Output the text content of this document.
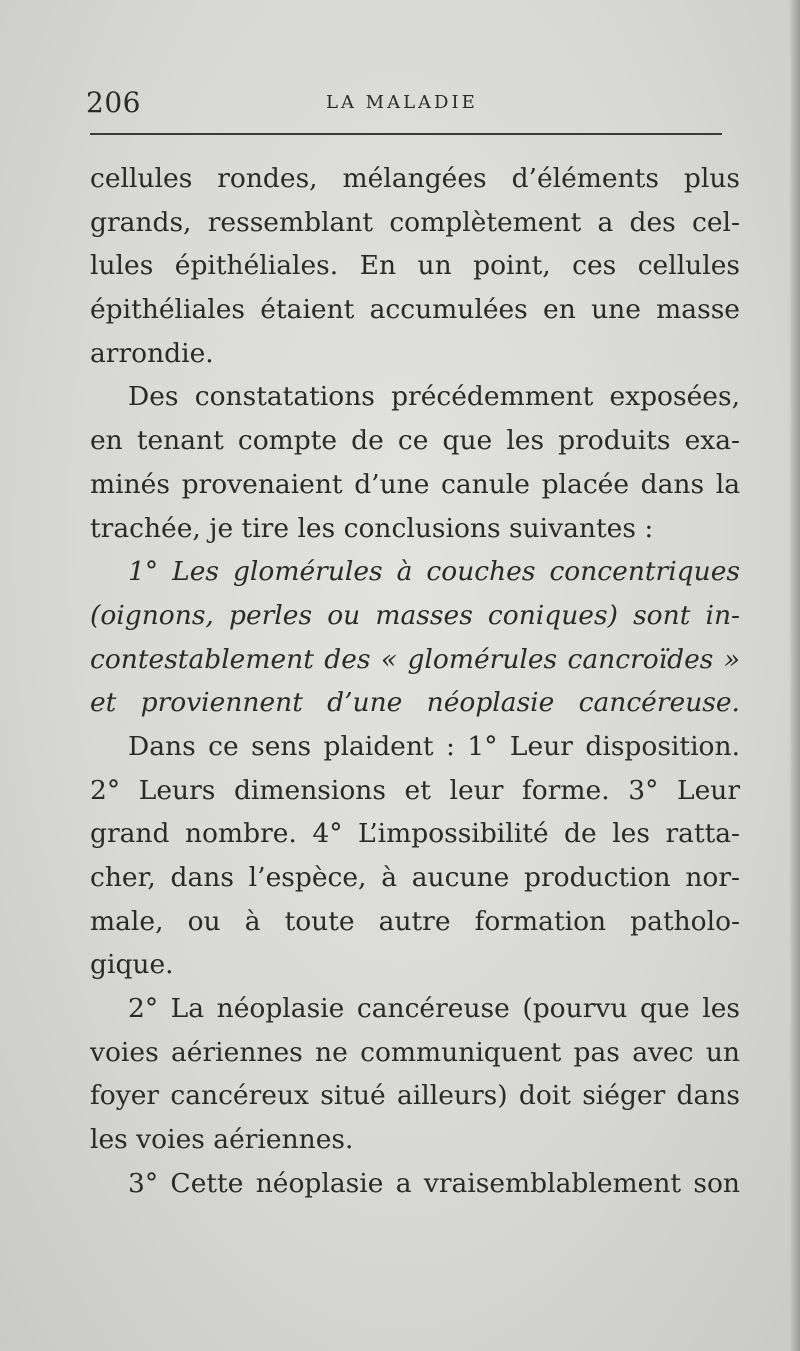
206	LA MALADIE
cellules rondes, mélangées d’éléments plus
grands, ressemblant complètement a des cel-
lules épithéliales. En un point, ces cellules
épithéliales étaient accumulées en une masse
arrondie.
Des constatations précédemment exposées,
en tenant compte de ce que les produits exa-
minés provenaient d’une canule placée dans la
trachée, je tire les conclusions suivantes :
1° Les glomérules à couches concentriques
(oignons, perles ou masses coniques) sont in-
contestablement des « glomérules cancroïdes »
et proviennent d’une néoplasie cancéreuse.
Dans ce sens plaident : 1° Leur disposition.
2° Leurs dimensions et leur forme. 3° Leur
grand nombre. 4° L’impossibilité de les ratta-
cher, dans l’espèce, à aucune production nor-
male, ou à toute autre formation patholo-
gique.
2° La néoplasie cancéreuse (pourvu que les
voies aériennes ne communiquent pas avec un
foyer cancéreux situé ailleurs) doit siéger dans
les voies aériennes.
3° Cette néoplasie a vraisemblablement son
